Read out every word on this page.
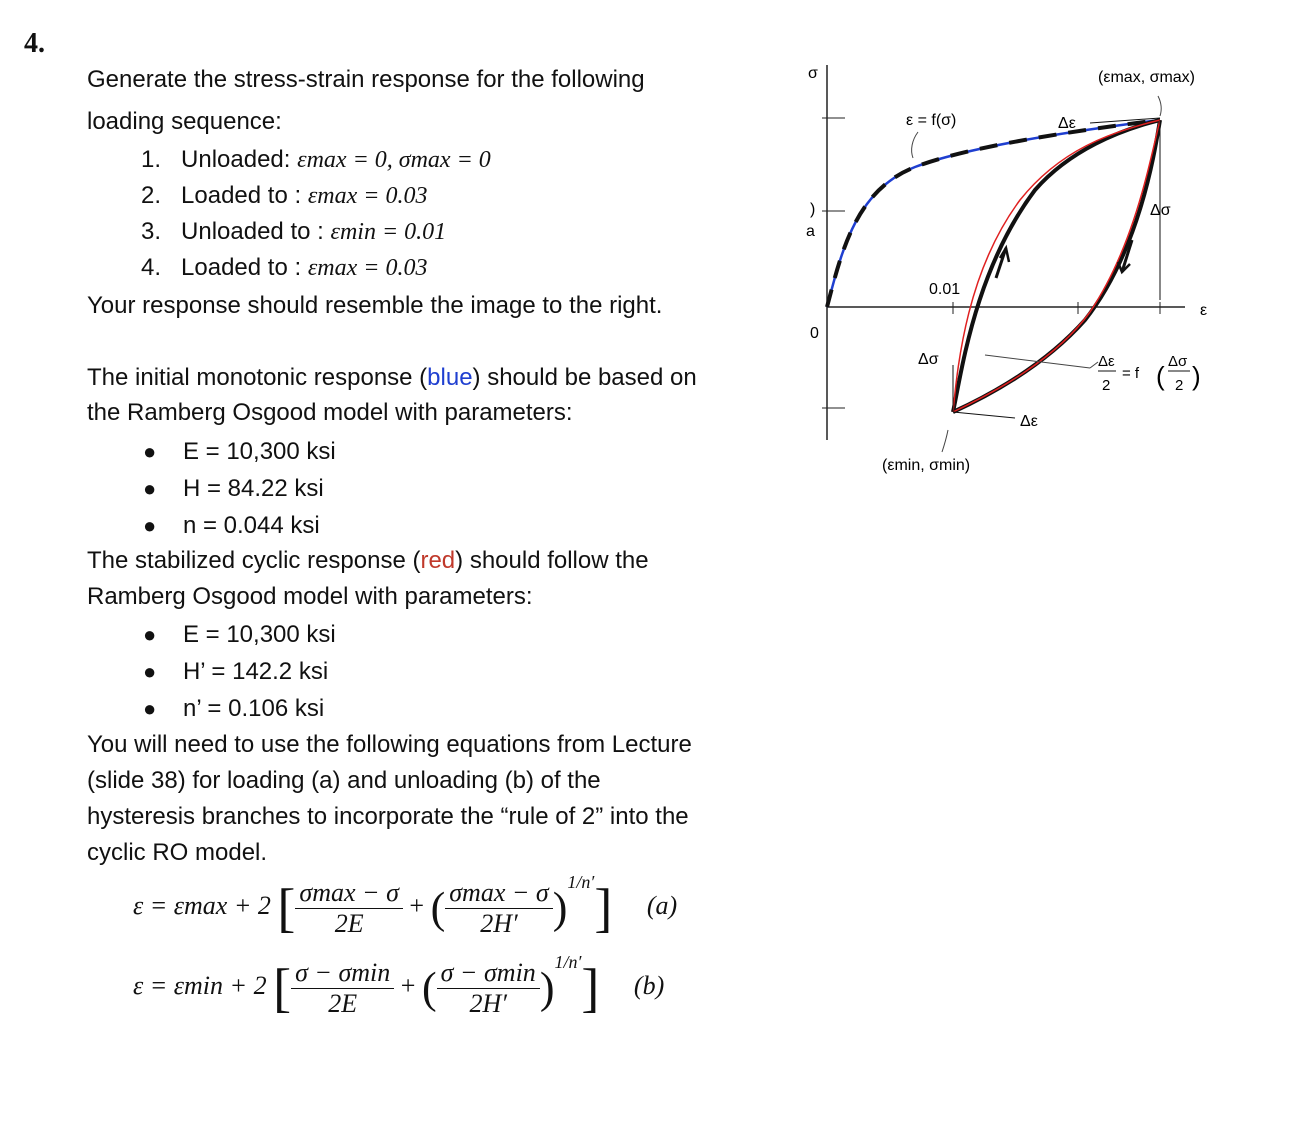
4.
Generate the stress-strain response for the following
loading sequence:
1. Unloaded: εmax = 0, σmax = 0
2. Loaded to : εmax = 0.03
3. Unloaded to : εmin = 0.01
4. Loaded to : εmax = 0.03
Your response should resemble the image to the right.
The initial monotonic response (blue) should be based on
the Ramberg Osgood model with parameters:
● E = 10,300 ksi
● H = 84.22 ksi
● n = 0.044 ksi
The stabilized cyclic response (red) should follow the
Ramberg Osgood model with parameters:
● E = 10,300 ksi
● H’ = 142.2 ksi
● n’ = 0.106 ksi
You will need to use the following equations from Lecture
(slide 38) for loading (a) and unloading (b) of the
hysteresis branches to incorporate the “rule of 2” into the
cyclic RO model.
ε = εmax + 2 [ $\frac{\sigma\max - \sigma}{2E}$ + ( $\frac{\sigma\max - \sigma}{2H'} )^{1/n'}$] (a)
ε = εmin + 2 [ $\frac{\sigma - \sigma\min}{2E}$ + ( $\frac{\sigma - \sigma\min}{2H'} )^{1/n'}$] (b)
σ
ε
0
)
a
ε = f(σ)	Δε
(εmax, σmax)
Δσ
0.01
Δσ
Δε
(εmin, σmin)
Δε
2
= f ( Δσ
2 )
